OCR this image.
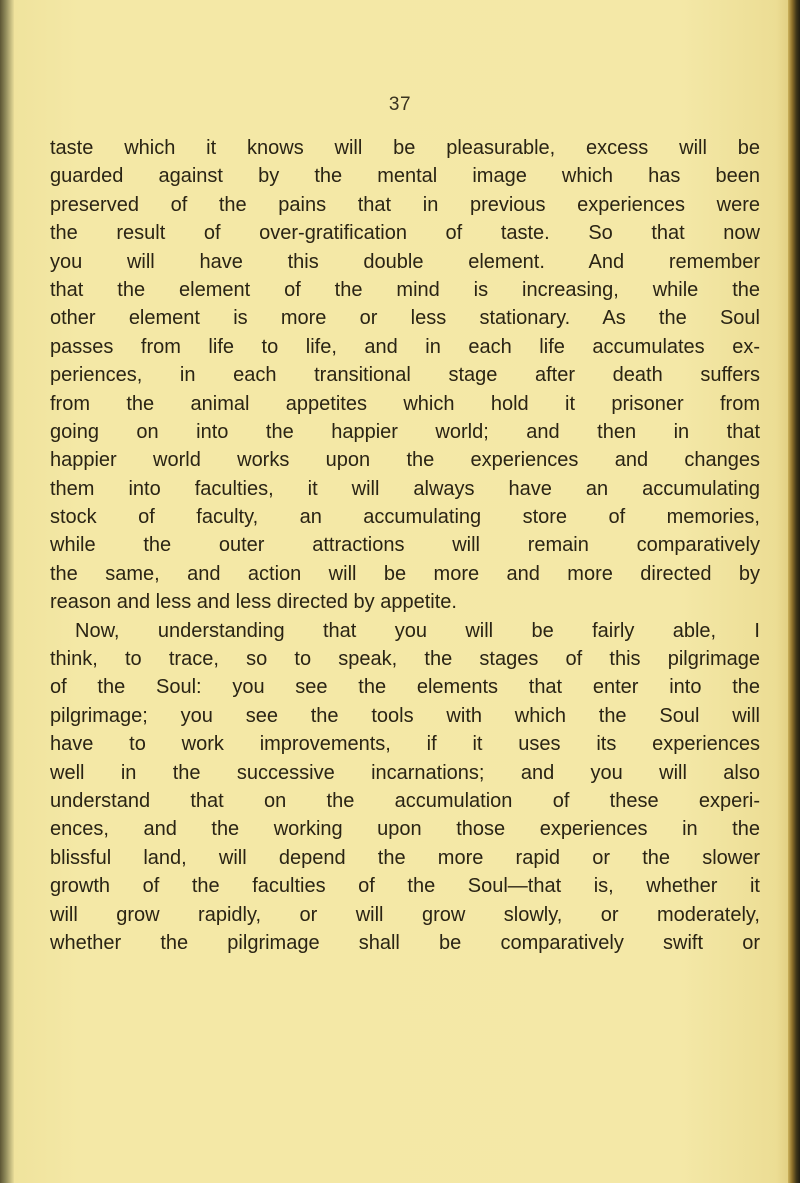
37
taste which it knows will be pleasurable, excess will be
guarded against by the mental image which has been
preserved of the pains that in previous experiences were
the result of over-gratification of taste. So that now
you will have this double element. And remember
that the element of the mind is increasing, while the
other element is more or less stationary. As the Soul
passes from life to life, and in each life accumulates ex-
periences, in each transitional stage after death suffers
from the animal appetites which hold it prisoner from
going on into the happier world; and then in that
happier world works upon the experiences and changes
them into faculties, it will always have an accumulating
stock of faculty, an accumulating store of memories,
while the outer attractions will remain comparatively
the same, and action will be more and more directed by
reason and less and less directed by appetite.
Now, understanding that you will be fairly able, I
think, to trace, so to speak, the stages of this pilgrimage
of the Soul: you see the elements that enter into the
pilgrimage; you see the tools with which the Soul will
have to work improvements, if it uses its experiences
well in the successive incarnations; and you will also
understand that on the accumulation of these experi-
ences, and the working upon those experiences in the
blissful land, will depend the more rapid or the slower
growth of the faculties of the Soul—that is, whether it
will grow rapidly, or will grow slowly, or moderately,
whether the pilgrimage shall be comparatively swift or
